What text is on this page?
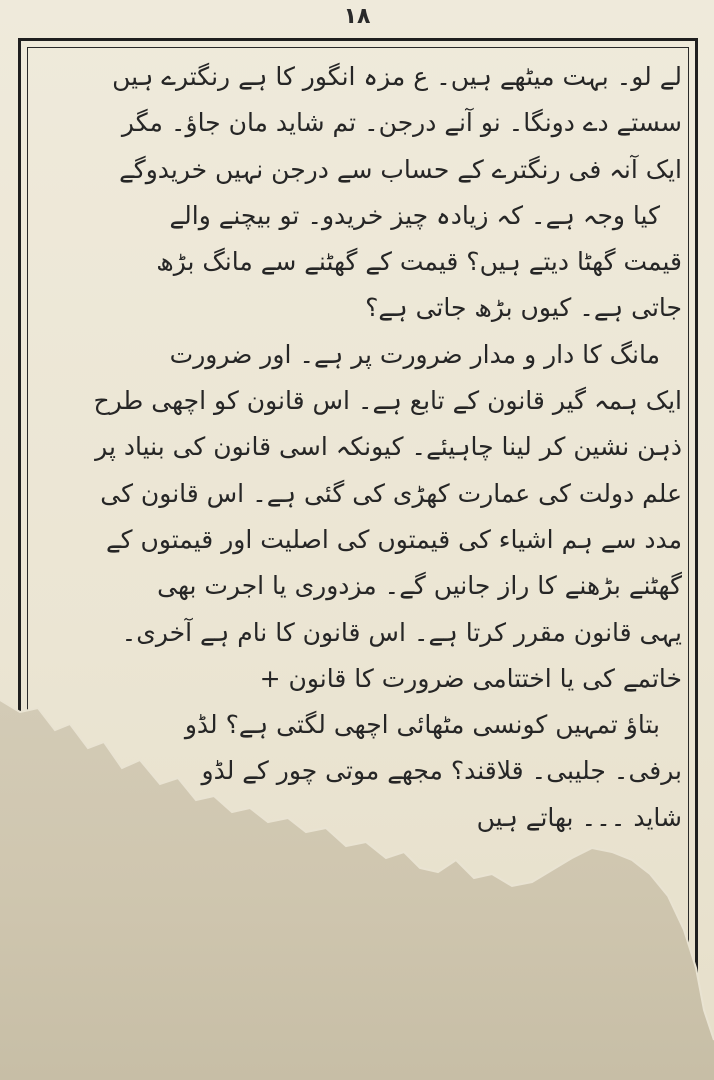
۱۸
لے لو۔ بہت میٹھے ہیں۔ ع مزہ انگور کا ہے رنگترے ہیں
سستے دے دونگا۔ نو آنے درجن۔ تم شاید مان جاؤ۔ مگر
ایک آنہ فی رنگترے کے حساب سے درجن نہیں خریدوگے
کیا وجہ ہے۔ کہ زیادہ چیز خریدو۔ تو بیچنے والے
قیمت گھٹا دیتے ہیں؟ قیمت کے گھٹنے سے مانگ بڑھ
جاتی ہے۔ کیوں بڑھ جاتی ہے؟
مانگ کا دار و مدار ضرورت پر ہے۔ اور ضرورت
ایک ہمہ گیر قانون کے تابع ہے۔ اس قانون کو اچھی طرح
ذہن نشین کر لینا چاہیئے۔ کیونکہ اسی قانون کی بنیاد پر
علم دولت کی عمارت کھڑی کی گئی ہے۔ اس قانون کی
مدد سے ہم اشیاء کی قیمتوں کی اصلیت اور قیمتوں کے
گھٹنے بڑھنے کا راز جانیں گے۔ مزدوری یا اجرت بھی
یہی قانون مقرر کرتا ہے۔ اس قانون کا نام ہے آخری۔
خاتمے کی یا اختتامی ضرورت کا قانون +
بتاؤ تمہیں کونسی مٹھائی اچھی لگتی ہے؟ لڈو
برفی۔ جلیبی۔ قلاقند؟ مجھے موتی چور کے لڈو
شاید ۔۔۔ بھاتے ہیں
